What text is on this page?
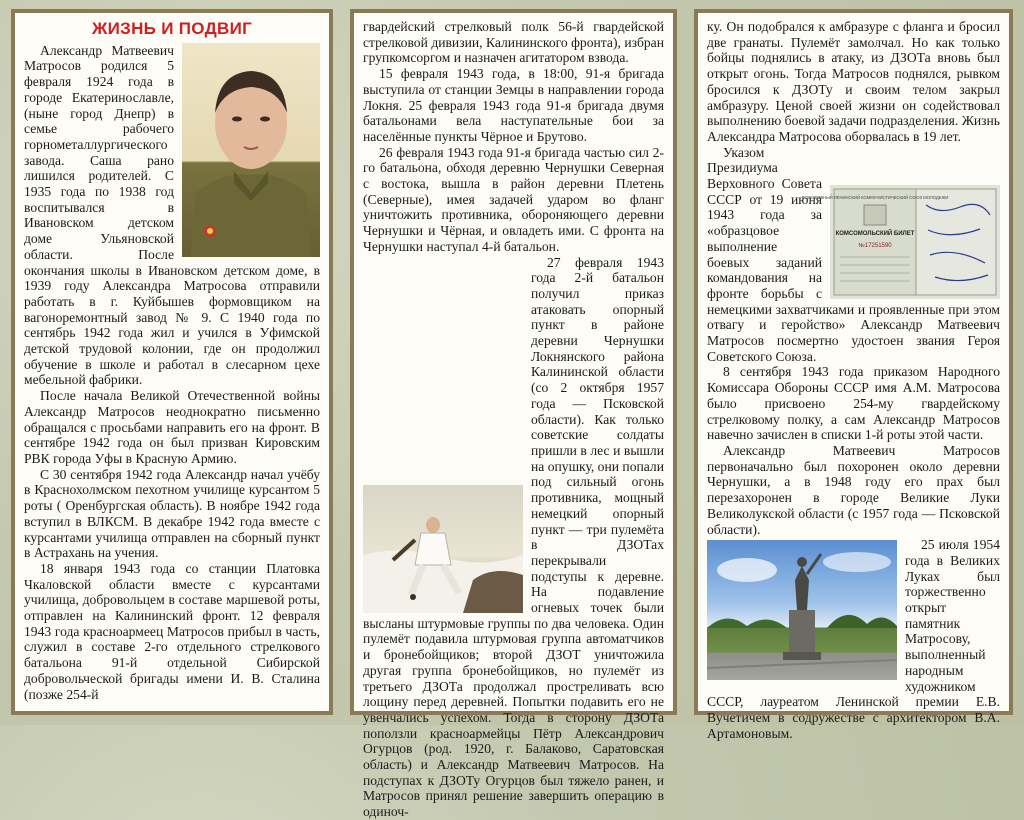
ЖИЗНЬ И ПОДВИГ

Александр Матвеевич Матросов родился 5 февраля 1924 года в городе Екатеринославле, (ныне город Днепр) в семье рабочего горнометаллургического завода. Саша рано лишился родителей. С 1935 года по 1938 год воспитывался в Ивановском детском доме Ульяновской области. После окончания школы в Ивановском детском доме, в 1939 году Александра Матросова отправили работать в г. Куйбышев формовщиком на вагоноремонтный завод № 9. С 1940 года по сентябрь 1942 года жил и учился в Уфимской детской трудовой колонии, где он продолжил обучение в школе и работал в слесарном цехе мебельной фабрики.

После начала Великой Отечественной войны Александр Матросов неоднократно письменно обращался с просьбами направить его на фронт. В сентябре 1942 года он был призван Кировским РВК города Уфы в Красную Армию.

С 30 сентября 1942 года Александр начал учёбу в Краснохолмском пехотном училище курсантом 5 роты ( Оренбургская область). В ноябре 1942 года вступил в ВЛКСМ. В декабре 1942 года вместе с курсантами училища отправлен на сборный пункт в Астрахань на учения.

18 января 1943 года со станции Платовка Чкаловской области вместе с курсантами училища, добровольцем в составе маршевой роты, отправлен на Калининский фронт. 12 февраля 1943 года красноармеец Матросов прибыл в часть, служил в составе 2-го отдельного стрелкового батальона 91-й отдельной Сибирской добровольческой бригады имени И. В. Сталина (позже 254-й

гвардейский стрелковый полк 56-й гвардейской стрелковой дивизии, Калининского фронта), избран групкомсоргом и назначен агитатором взвода.

15 февраля 1943 года, в 18:00, 91-я бригада выступила от станции Земцы в направлении города Локня. 25 февраля 1943 года 91-я бригада двумя батальонами вела наступательные бои за населённые пункты Чёрное и Брутово.

26 февраля 1943 года 91-я бригада частью сил 2-го батальона, обходя деревню Чернушки Северная с востока, вышла в район деревни Плетень (Северные), имея задачей ударом во фланг уничтожить противника, обороняющего деревни Чернушки и Чёрная, и овладеть ими. С фронта на Чернушки наступал 4-й батальон.

27 февраля 1943 года 2-й батальон получил приказ атаковать опорный пункт в районе деревни Чернушки Локнянского района Калининской области (со 2 октября 1957 года — Псковской области). Как только советские солдаты пришли в лес и вышли на опушку, они попали под сильный огонь противника, мощный немецкий опорный пункт — три пулемёта в ДЗОТах перекрывали подступы к деревне. На подавление огневых точек были высланы штурмовые группы по два человека. Один пулемёт подавила штурмовая группа автоматчиков и бронебойщиков; второй ДЗОТ уничтожила другая группа бронебойщиков, но пулемёт из третьего ДЗОТа продолжал простреливать всю лощину перед деревней. Попытки подавить его не увенчались успехом. Тогда в сторону ДЗОТа поползли красноармейцы Пётр Александрович Огурцов (род. 1920, г. Балаково, Саратовская область) и Александр Матвеевич Матросов. На подступах к ДЗОТу Огурцов был тяжело ранен, и Матросов принял решение завершить операцию в одиноч-

ку. Он подобрался к амбразуре с фланга и бросил две гранаты. Пулемёт замолчал. Но как только бойцы поднялись в атаку, из ДЗОТа вновь был открыт огонь. Тогда Матросов поднялся, рывком бросился к ДЗОТу и своим телом закрыл амбразуру. Ценой своей жизни он содействовал выполнению боевой задачи подразделения. Жизнь Александра Матросова оборвалась в 19 лет.

ВСЕСОЮЗНЫЙ ЛЕНИНСКИЙ КОММУНИСТИЧЕСКИЙ СОЮЗ МОЛОДЕЖИ
КОМСОМОЛЬСКИЙ БИЛЕТ
№17251590

Указом Президиума Верховного Совета СССР от 19 июня 1943 года за «образцовое выполнение боевых заданий командования на фронте борьбы с немецкими захватчиками и проявленные при этом отвагу и геройство» Александр Матвеевич Матросов посмертно удостоен звания Героя Советского Союза.

8 сентября 1943 года приказом Народного Комиссара Обороны СССР имя А.М. Матросова было присвоено 254-му гвардейскому стрелковому полку, а сам Александр Матросов навечно зачислен в списки 1-й роты этой части.

Александр Матвеевич Матросов первоначально был похоронен около деревни Чернушки, а в 1948 году его прах был перезахоронен в городе Великие Луки Великолукской области (с 1957 года — Псковской области).

25 июля 1954 года в Великих Луках был торжественно открыт памятник Матросову, выполненный народным художником СССР, лауреатом Ленинской премии Е.В. Вучетичем в содружестве с архитектором В.А. Артамоновым.
